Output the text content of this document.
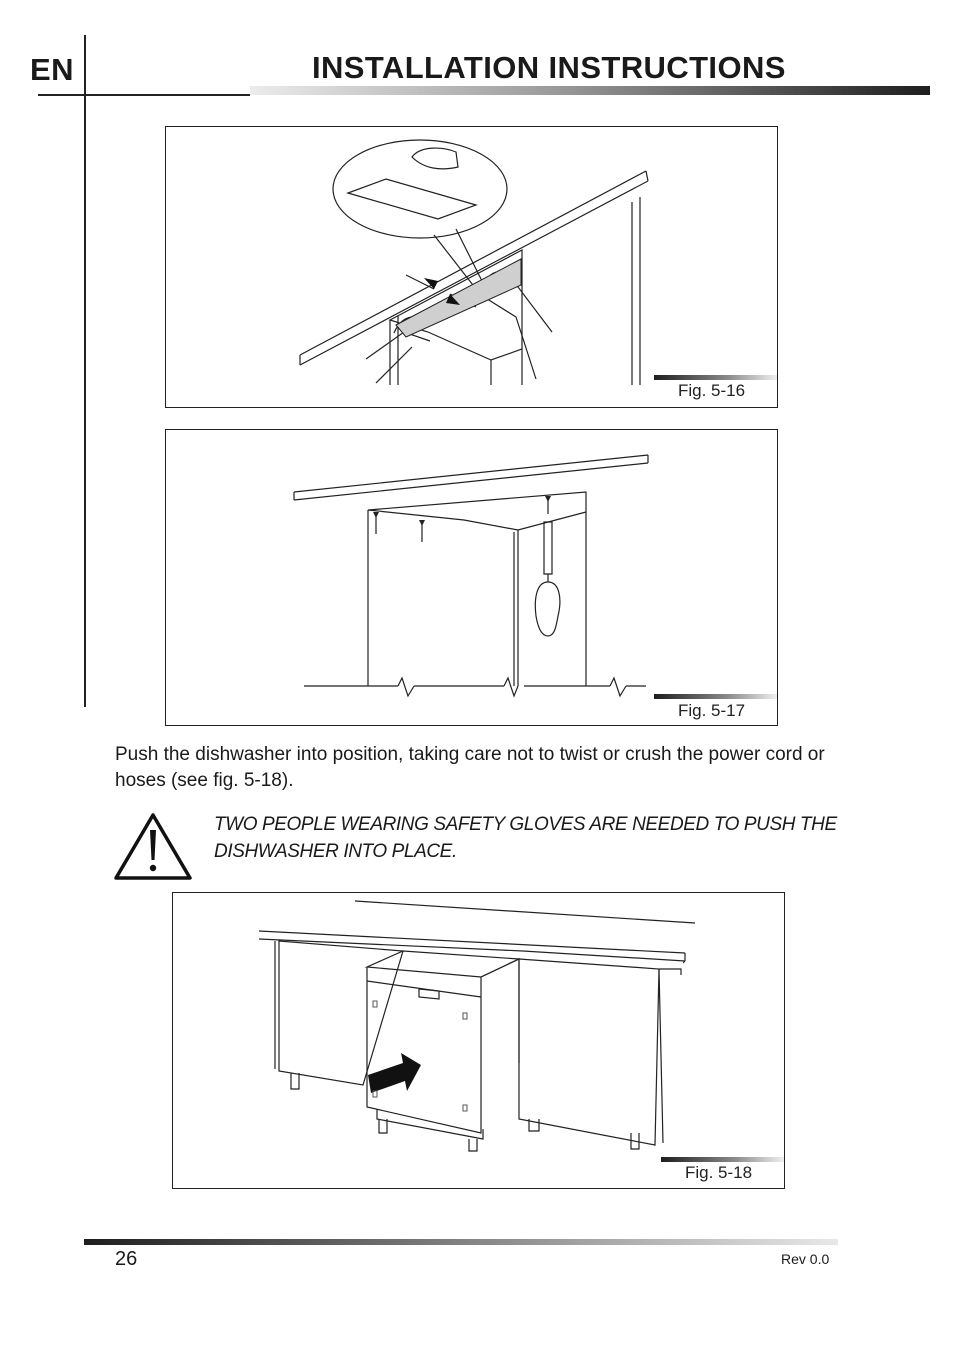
EN	INSTALLATION INSTRUCTIONS
Fig. 5-16
Fig. 5-17
Push the dishwasher into position, taking care not to twist or crush the power cord or hoses (see fig. 5-18).
TWO PEOPLE WEARING SAFETY GLOVES ARE NEEDED TO PUSH THE DISHWASHER INTO PLACE.
Fig. 5-18
26	Rev 0.0
